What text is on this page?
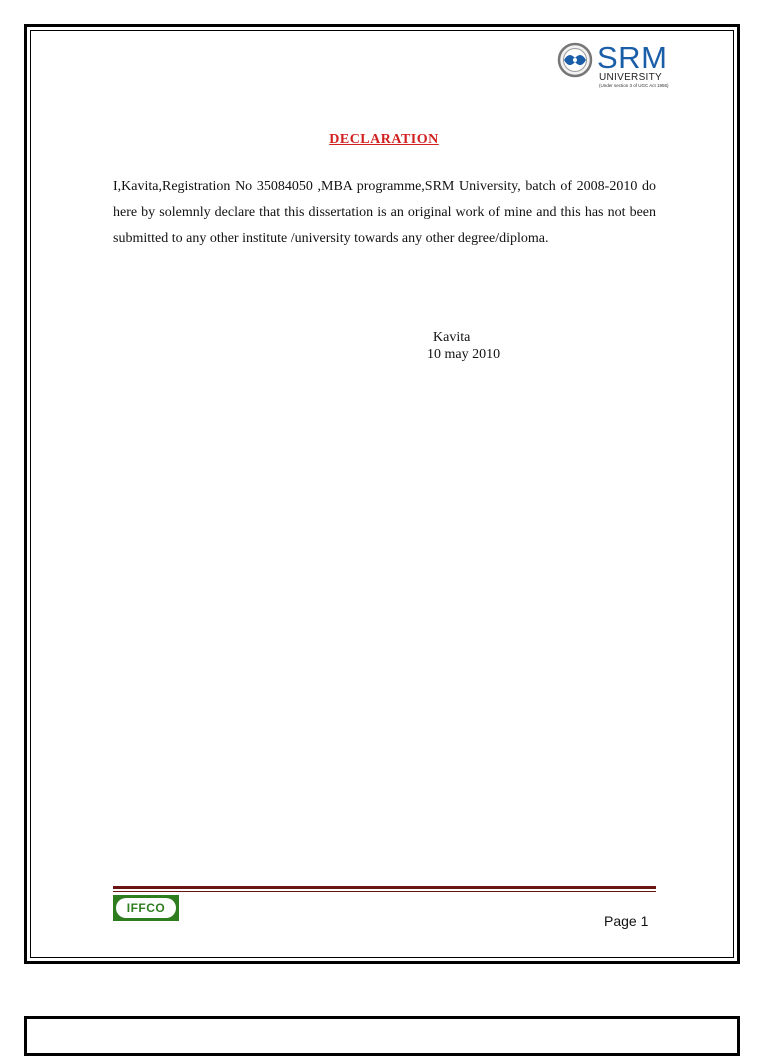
SRM
UNIVERSITY
(Under section 3 of UGC Act 1956)
DECLARATION
I,Kavita,Registration No 35084050 ,MBA programme,SRM University, batch of 2008-2010 do here by solemnly declare that this dissertation is an original work of mine and this has not been submitted to any other institute /university towards any other degree/diploma.
Kavita
10 may 2010
IFFCO
Page 1
